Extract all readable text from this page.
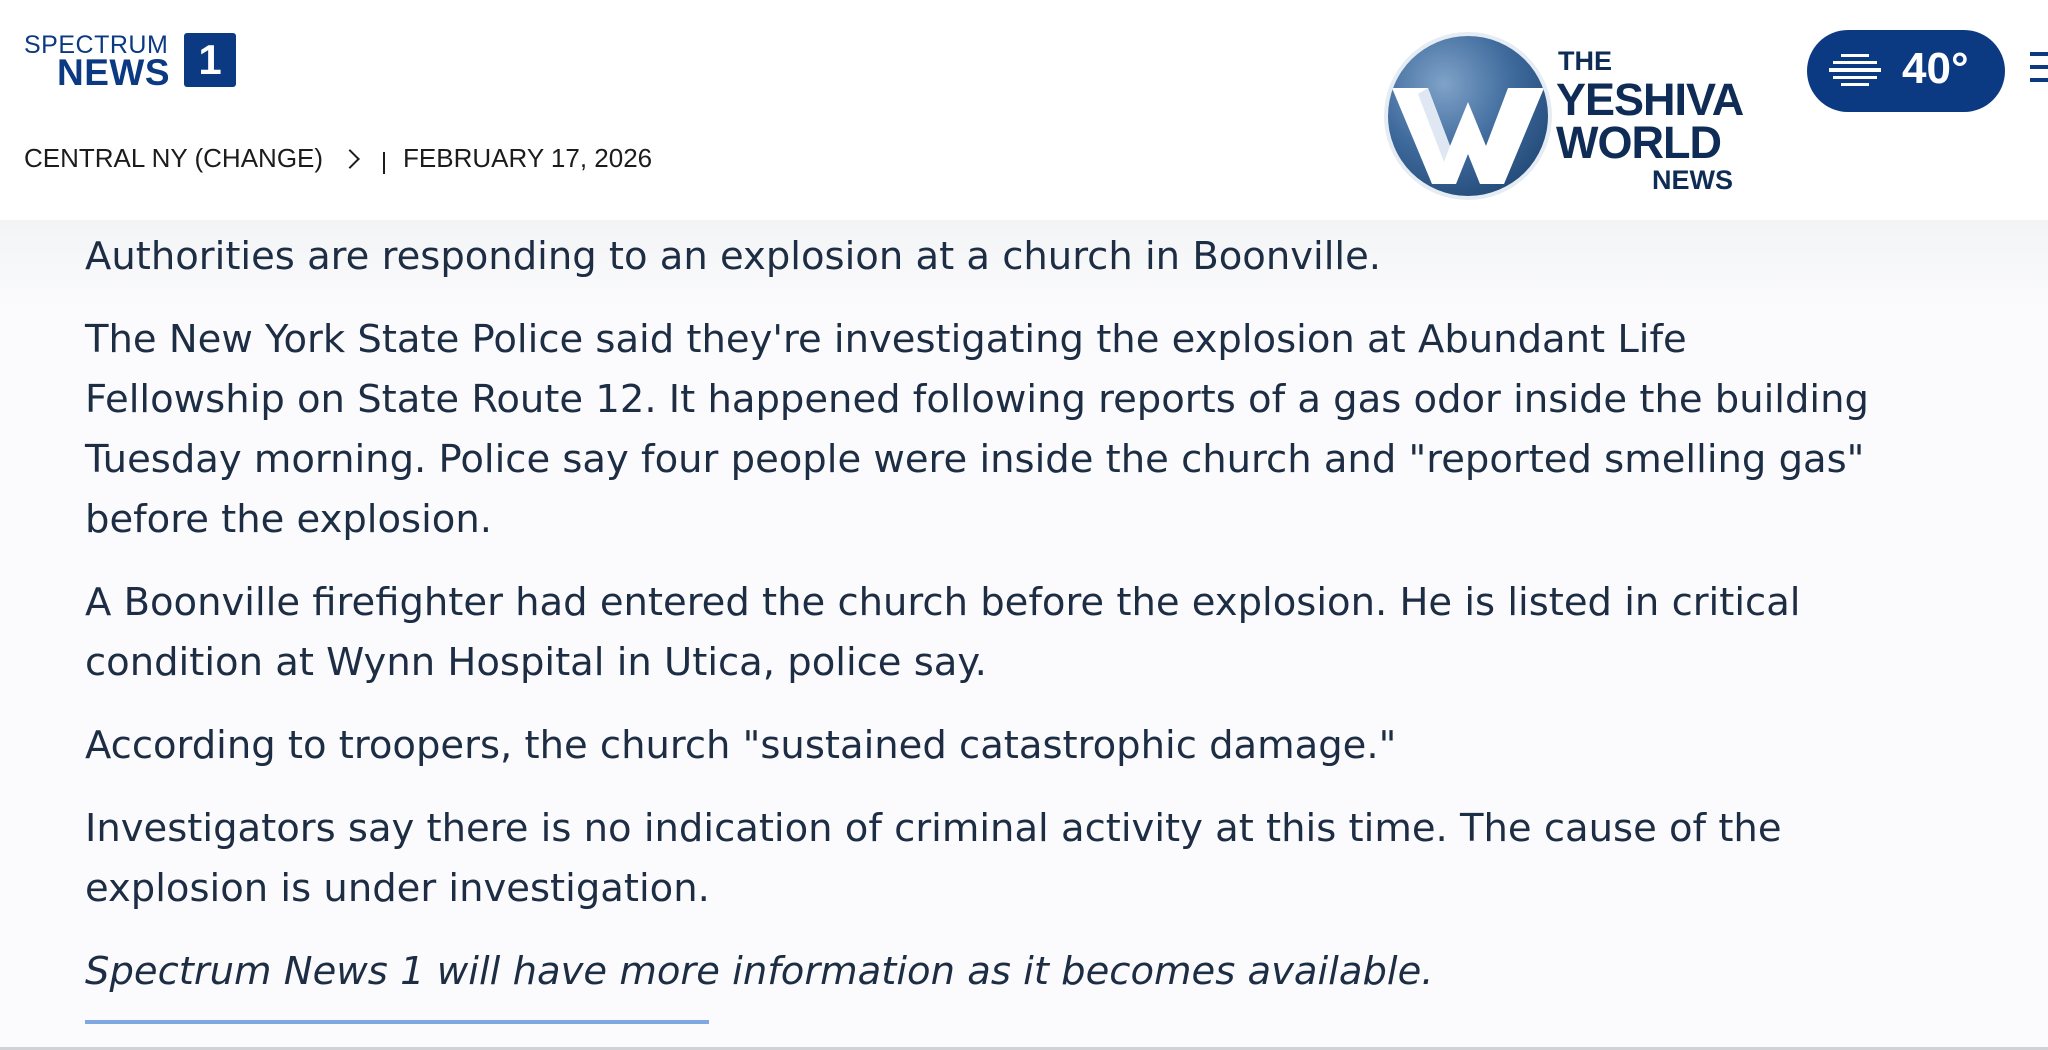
SPECTRUM
NEWS 1
CENTRAL NY (CHANGE)	FEBRUARY 17, 2026
THE
YESHIVA
WORLD
NEWS
40°

Authorities are responding to an explosion at a church in Boonville.

The New York State Police said they're investigating the explosion at Abundant Life
Fellowship on State Route 12. It happened following reports of a gas odor inside the building
Tuesday morning. Police say four people were inside the church and "reported smelling gas"
before the explosion.

A Boonville firefighter had entered the church before the explosion. He is listed in critical
condition at Wynn Hospital in Utica, police say.

According to troopers, the church "sustained catastrophic damage."

Investigators say there is no indication of criminal activity at this time. The cause of the
explosion is under investigation.

Spectrum News 1 will have more information as it becomes available.
